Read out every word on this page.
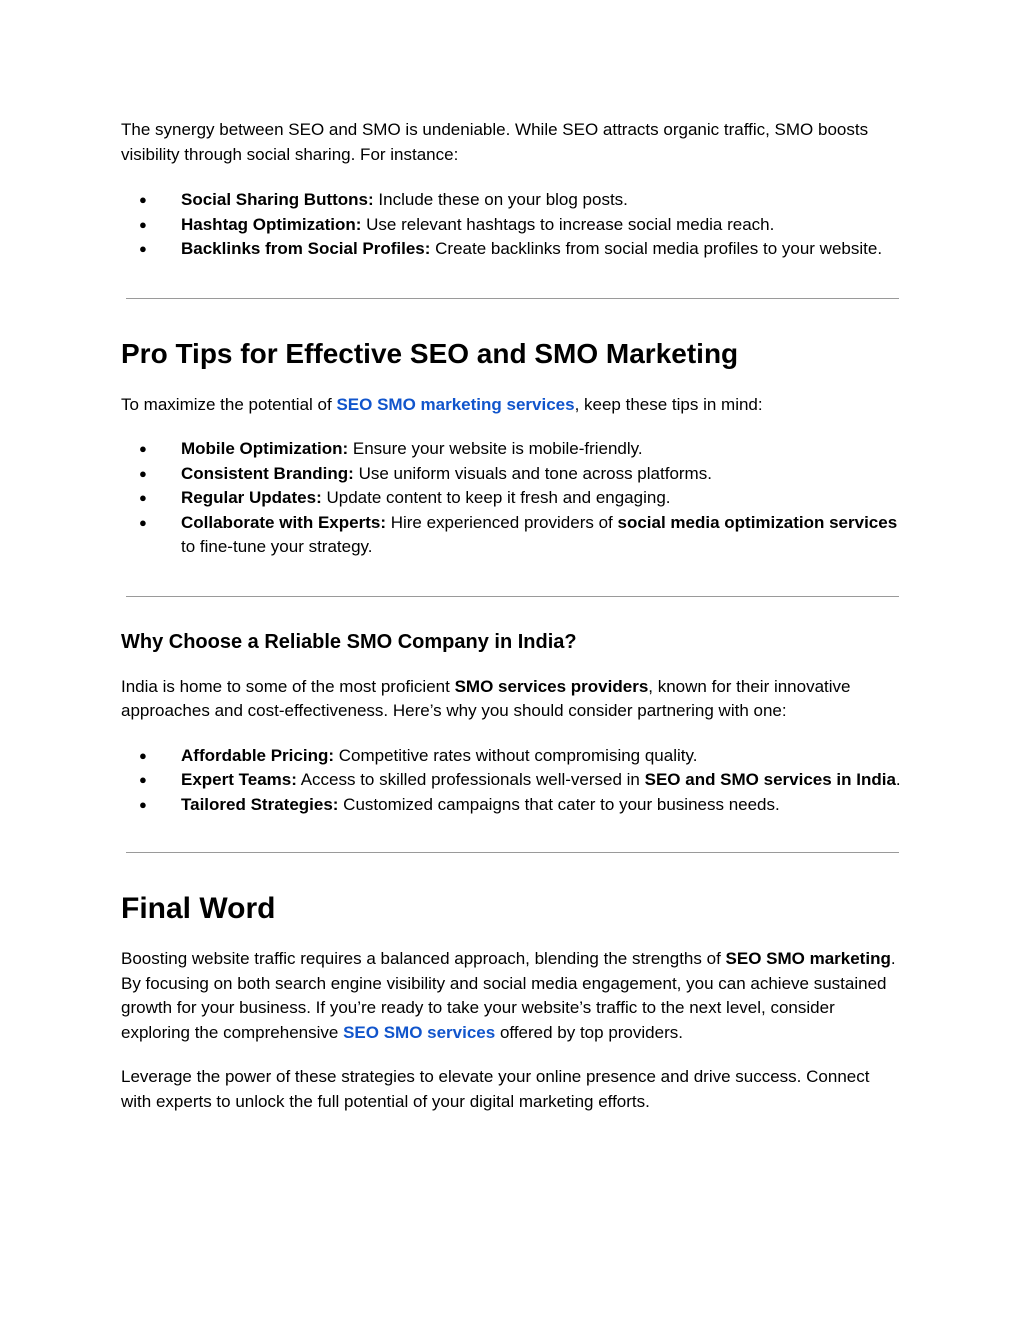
The synergy between SEO and SMO is undeniable. While SEO attracts organic traffic, SMO boosts visibility through social sharing. For instance:

● Social Sharing Buttons: Include these on your blog posts.
● Hashtag Optimization: Use relevant hashtags to increase social media reach.
● Backlinks from Social Profiles: Create backlinks from social media profiles to your website.
Pro Tips for Effective SEO and SMO Marketing

To maximize the potential of SEO SMO marketing services, keep these tips in mind:

● Mobile Optimization: Ensure your website is mobile-friendly.
● Consistent Branding: Use uniform visuals and tone across platforms.
● Regular Updates: Update content to keep it fresh and engaging.
● Collaborate with Experts: Hire experienced providers of social media optimization services to fine-tune your strategy.
Why Choose a Reliable SMO Company in India?

India is home to some of the most proficient SMO services providers, known for their innovative approaches and cost-effectiveness. Here’s why you should consider partnering with one:

● Affordable Pricing: Competitive rates without compromising quality.
● Expert Teams: Access to skilled professionals well-versed in SEO and SMO services in India.
● Tailored Strategies: Customized campaigns that cater to your business needs.
Final Word

Boosting website traffic requires a balanced approach, blending the strengths of SEO SMO marketing. By focusing on both search engine visibility and social media engagement, you can achieve sustained growth for your business. If you’re ready to take your website’s traffic to the next level, consider exploring the comprehensive SEO SMO services offered by top providers.

Leverage the power of these strategies to elevate your online presence and drive success. Connect with experts to unlock the full potential of your digital marketing efforts.
